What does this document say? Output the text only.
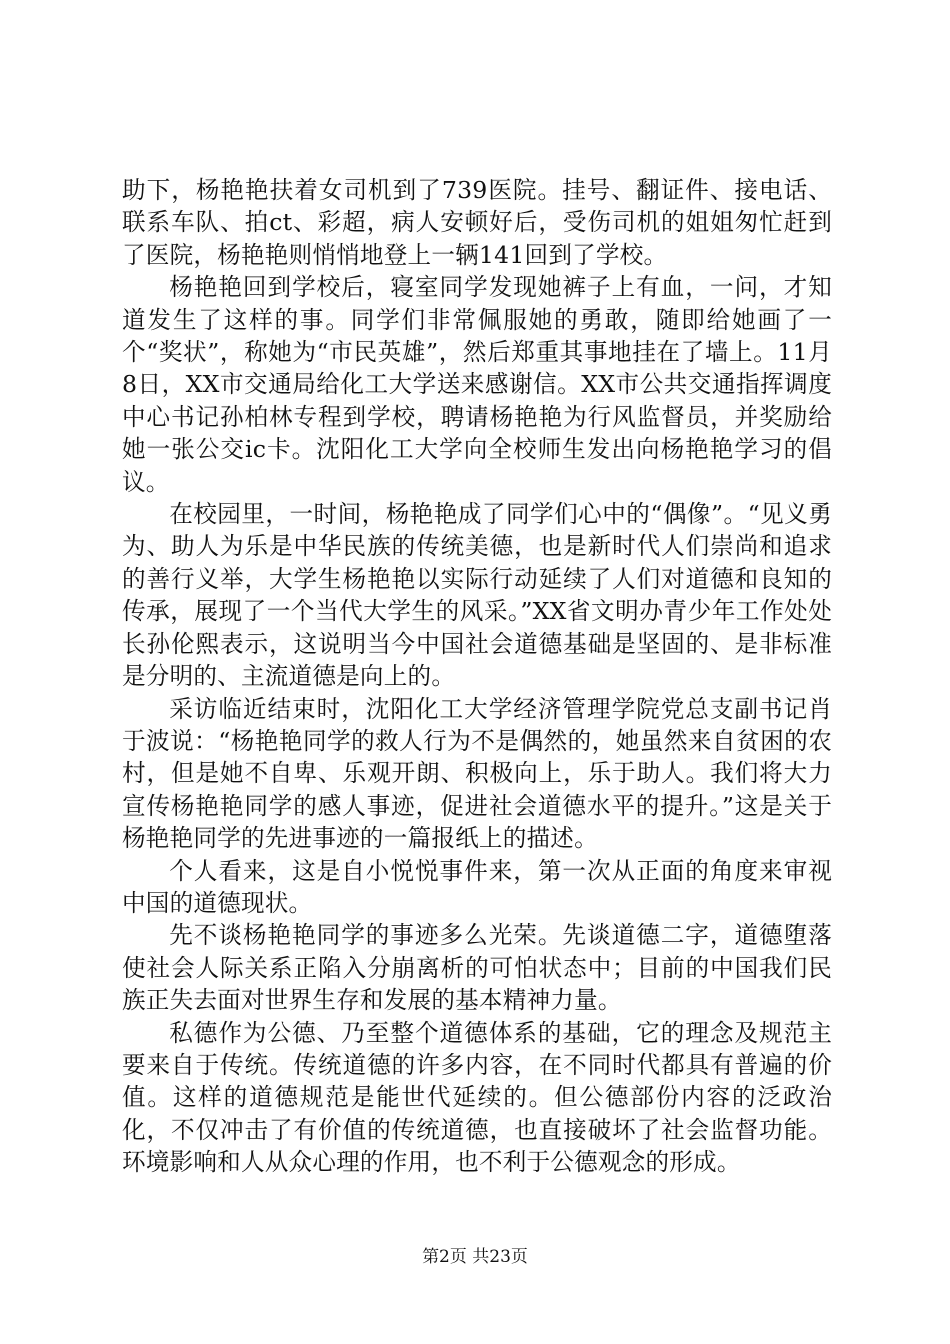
助下，杨艳艳扶着女司机到了739医院。挂号、翻证件、接电话、联系车队、拍ct、彩超，病人安顿好后，受伤司机的姐姐匆忙赶到了医院，杨艳艳则悄悄地登上一辆141回到了学校。

杨艳艳回到学校后，寝室同学发现她裤子上有血，一问，才知道发生了这样的事。同学们非常佩服她的勇敢，随即给她画了一个“奖状”，称她为“市民英雄”，然后郑重其事地挂在了墙上。11月8日，XX市交通局给化工大学送来感谢信。XX市公共交通指挥调度中心书记孙柏林专程到学校，聘请杨艳艳为行风监督员，并奖励给她一张公交ic卡。沈阳化工大学向全校师生发出向杨艳艳学习的倡议。

在校园里，一时间，杨艳艳成了同学们心中的“偶像”。“见义勇为、助人为乐是中华民族的传统美德，也是新时代人们崇尚和追求的善行义举，大学生杨艳艳以实际行动延续了人们对道德和良知的传承，展现了一个当代大学生的风采。”XX省文明办青少年工作处处长孙伦熙表示，这说明当今中国社会道德基础是坚固的、是非标准是分明的、主流道德是向上的。

采访临近结束时，沈阳化工大学经济管理学院党总支副书记肖于波说：“杨艳艳同学的救人行为不是偶然的，她虽然来自贫困的农村，但是她不自卑、乐观开朗、积极向上，乐于助人。我们将大力宣传杨艳艳同学的感人事迹，促进社会道德水平的提升。”这是关于杨艳艳同学的先进事迹的一篇报纸上的描述。

个人看来，这是自小悦悦事件来，第一次从正面的角度来审视中国的道德现状。

先不谈杨艳艳同学的事迹多么光荣。先谈道德二字，道德堕落使社会人际关系正陷入分崩离析的可怕状态中；目前的中国我们民族正失去面对世界生存和发展的基本精神力量。

私德作为公德、乃至整个道德体系的基础，它的理念及规范主要来自于传统。传统道德的许多内容，在不同时代都具有普遍的价值。这样的道德规范是能世代延续的。但公德部份内容的泛政治化，不仅冲击了有价值的传统道德，也直接破坏了社会监督功能。环境影响和人从众心理的作用，也不利于公德观念的形成。

第2页 共23页
